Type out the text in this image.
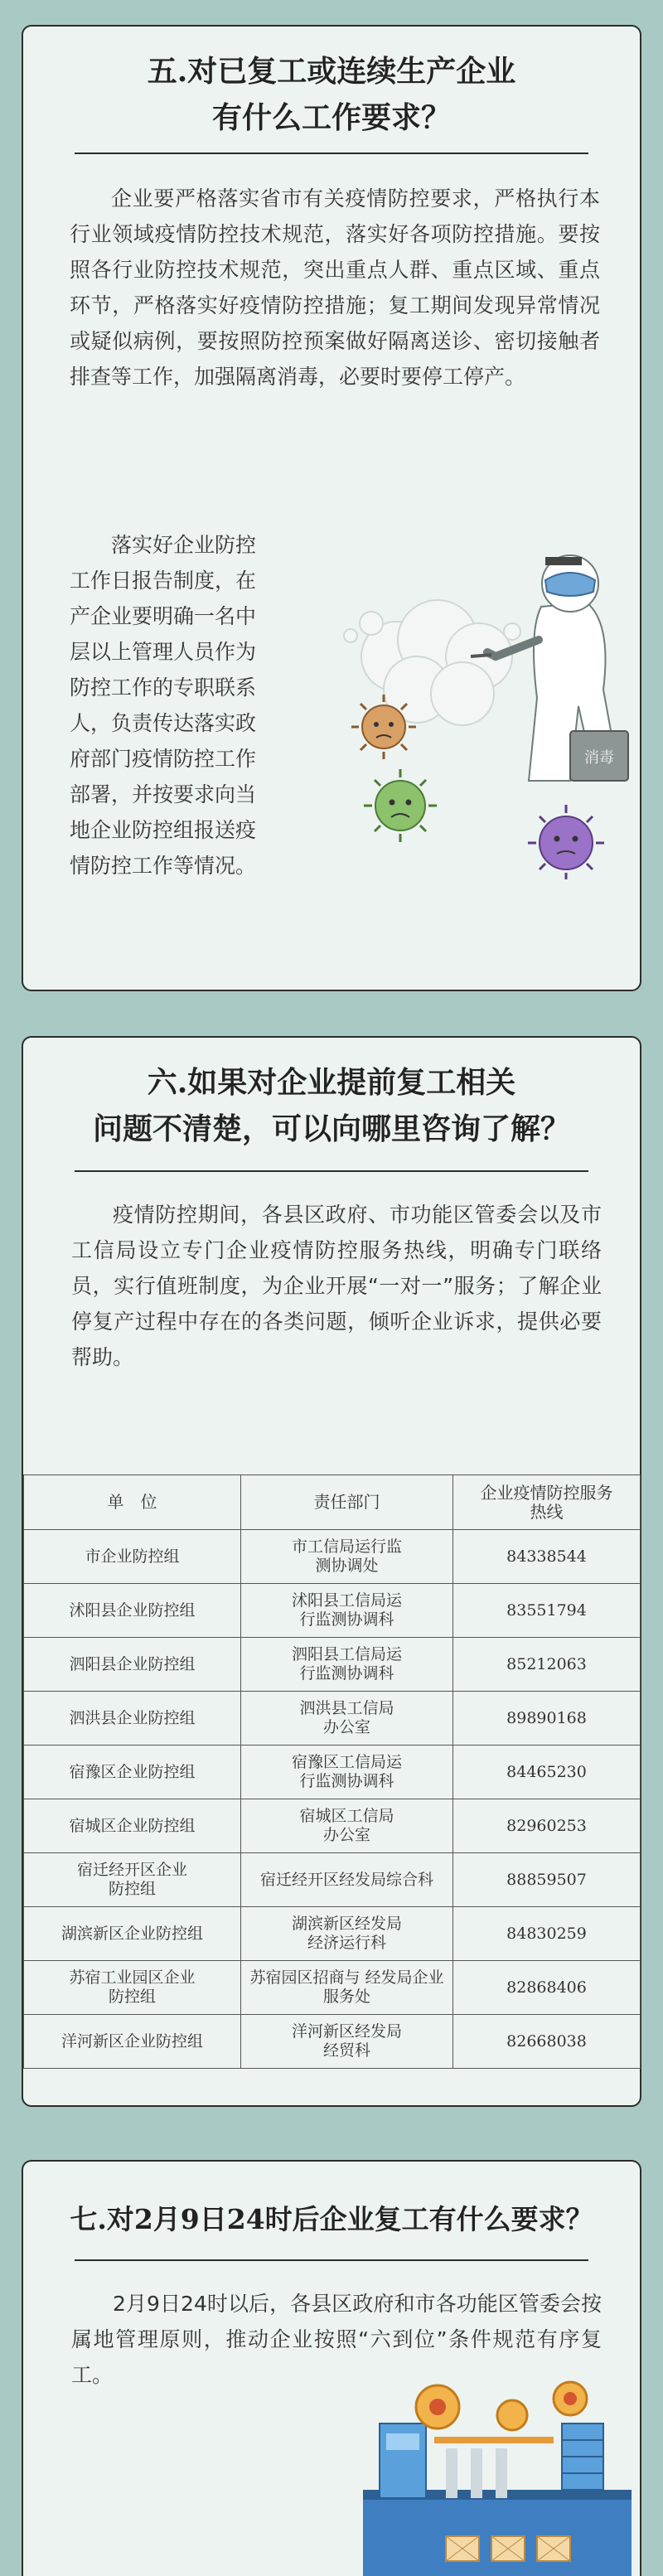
五.对已复工或连续生产企业
有什么工作要求？

企业要严格落实省市有关疫情防控要求，严格执行本行业领域疫情防控技术规范，落实好各项防控措施。要按照各行业防控技术规范，突出重点人群、重点区域、重点环节，严格落实好疫情防控措施；复工期间发现异常情况或疑似病例，要按照防控预案做好隔离送诊、密切接触者排查等工作，加强隔离消毒，必要时要停工停产。

落实好企业防控
工作日报告制度，在
产企业要明确一名中
层以上管理人员作为
防控工作的专职联系
人，负责传达落实政
府部门疫情防控工作
部署，并按要求向当
地企业防控组报送疫
情防控工作等情况。
消毒
六.如果对企业提前复工相关
问题不清楚，可以向哪里咨询了解？

疫情防控期间，各县区政府、市功能区管委会以及市工信局设立专门企业疫情防控服务热线，明确专门联络员，实行值班制度，为企业开展“一对一”服务；了解企业停复产过程中存在的各类问题，倾听企业诉求，提供必要帮助。

单　位	责任部门	企业疫情防控服务热线
市企业防控组	市工信局运行监测协调处	84338544
沭阳县企业防控组	沭阳县工信局运行监测协调科	83551794
泗阳县企业防控组	泗阳县工信局运行监测协调科	85212063
泗洪县企业防控组	泗洪县工信局办公室	89890168
宿豫区企业防控组	宿豫区工信局运行监测协调科	84465230
宿城区企业防控组	宿城区工信局办公室	82960253
宿迁经开区企业防控组	宿迁经开区经发局综合科	88859507
湖滨新区企业防控组	湖滨新区经发局经济运行科	84830259
苏宿工业园区企业防控组	苏宿园区招商与 经发局企业服务处	82868406
洋河新区企业防控组	洋河新区经发局经贸科	82668038
七.对2月9日24时后企业复工有什么要求？

2月9日24时以后，各县区政府和市各功能区管委会按属地管理原则，推动企业按照“六到位”条件规范有序复工。
